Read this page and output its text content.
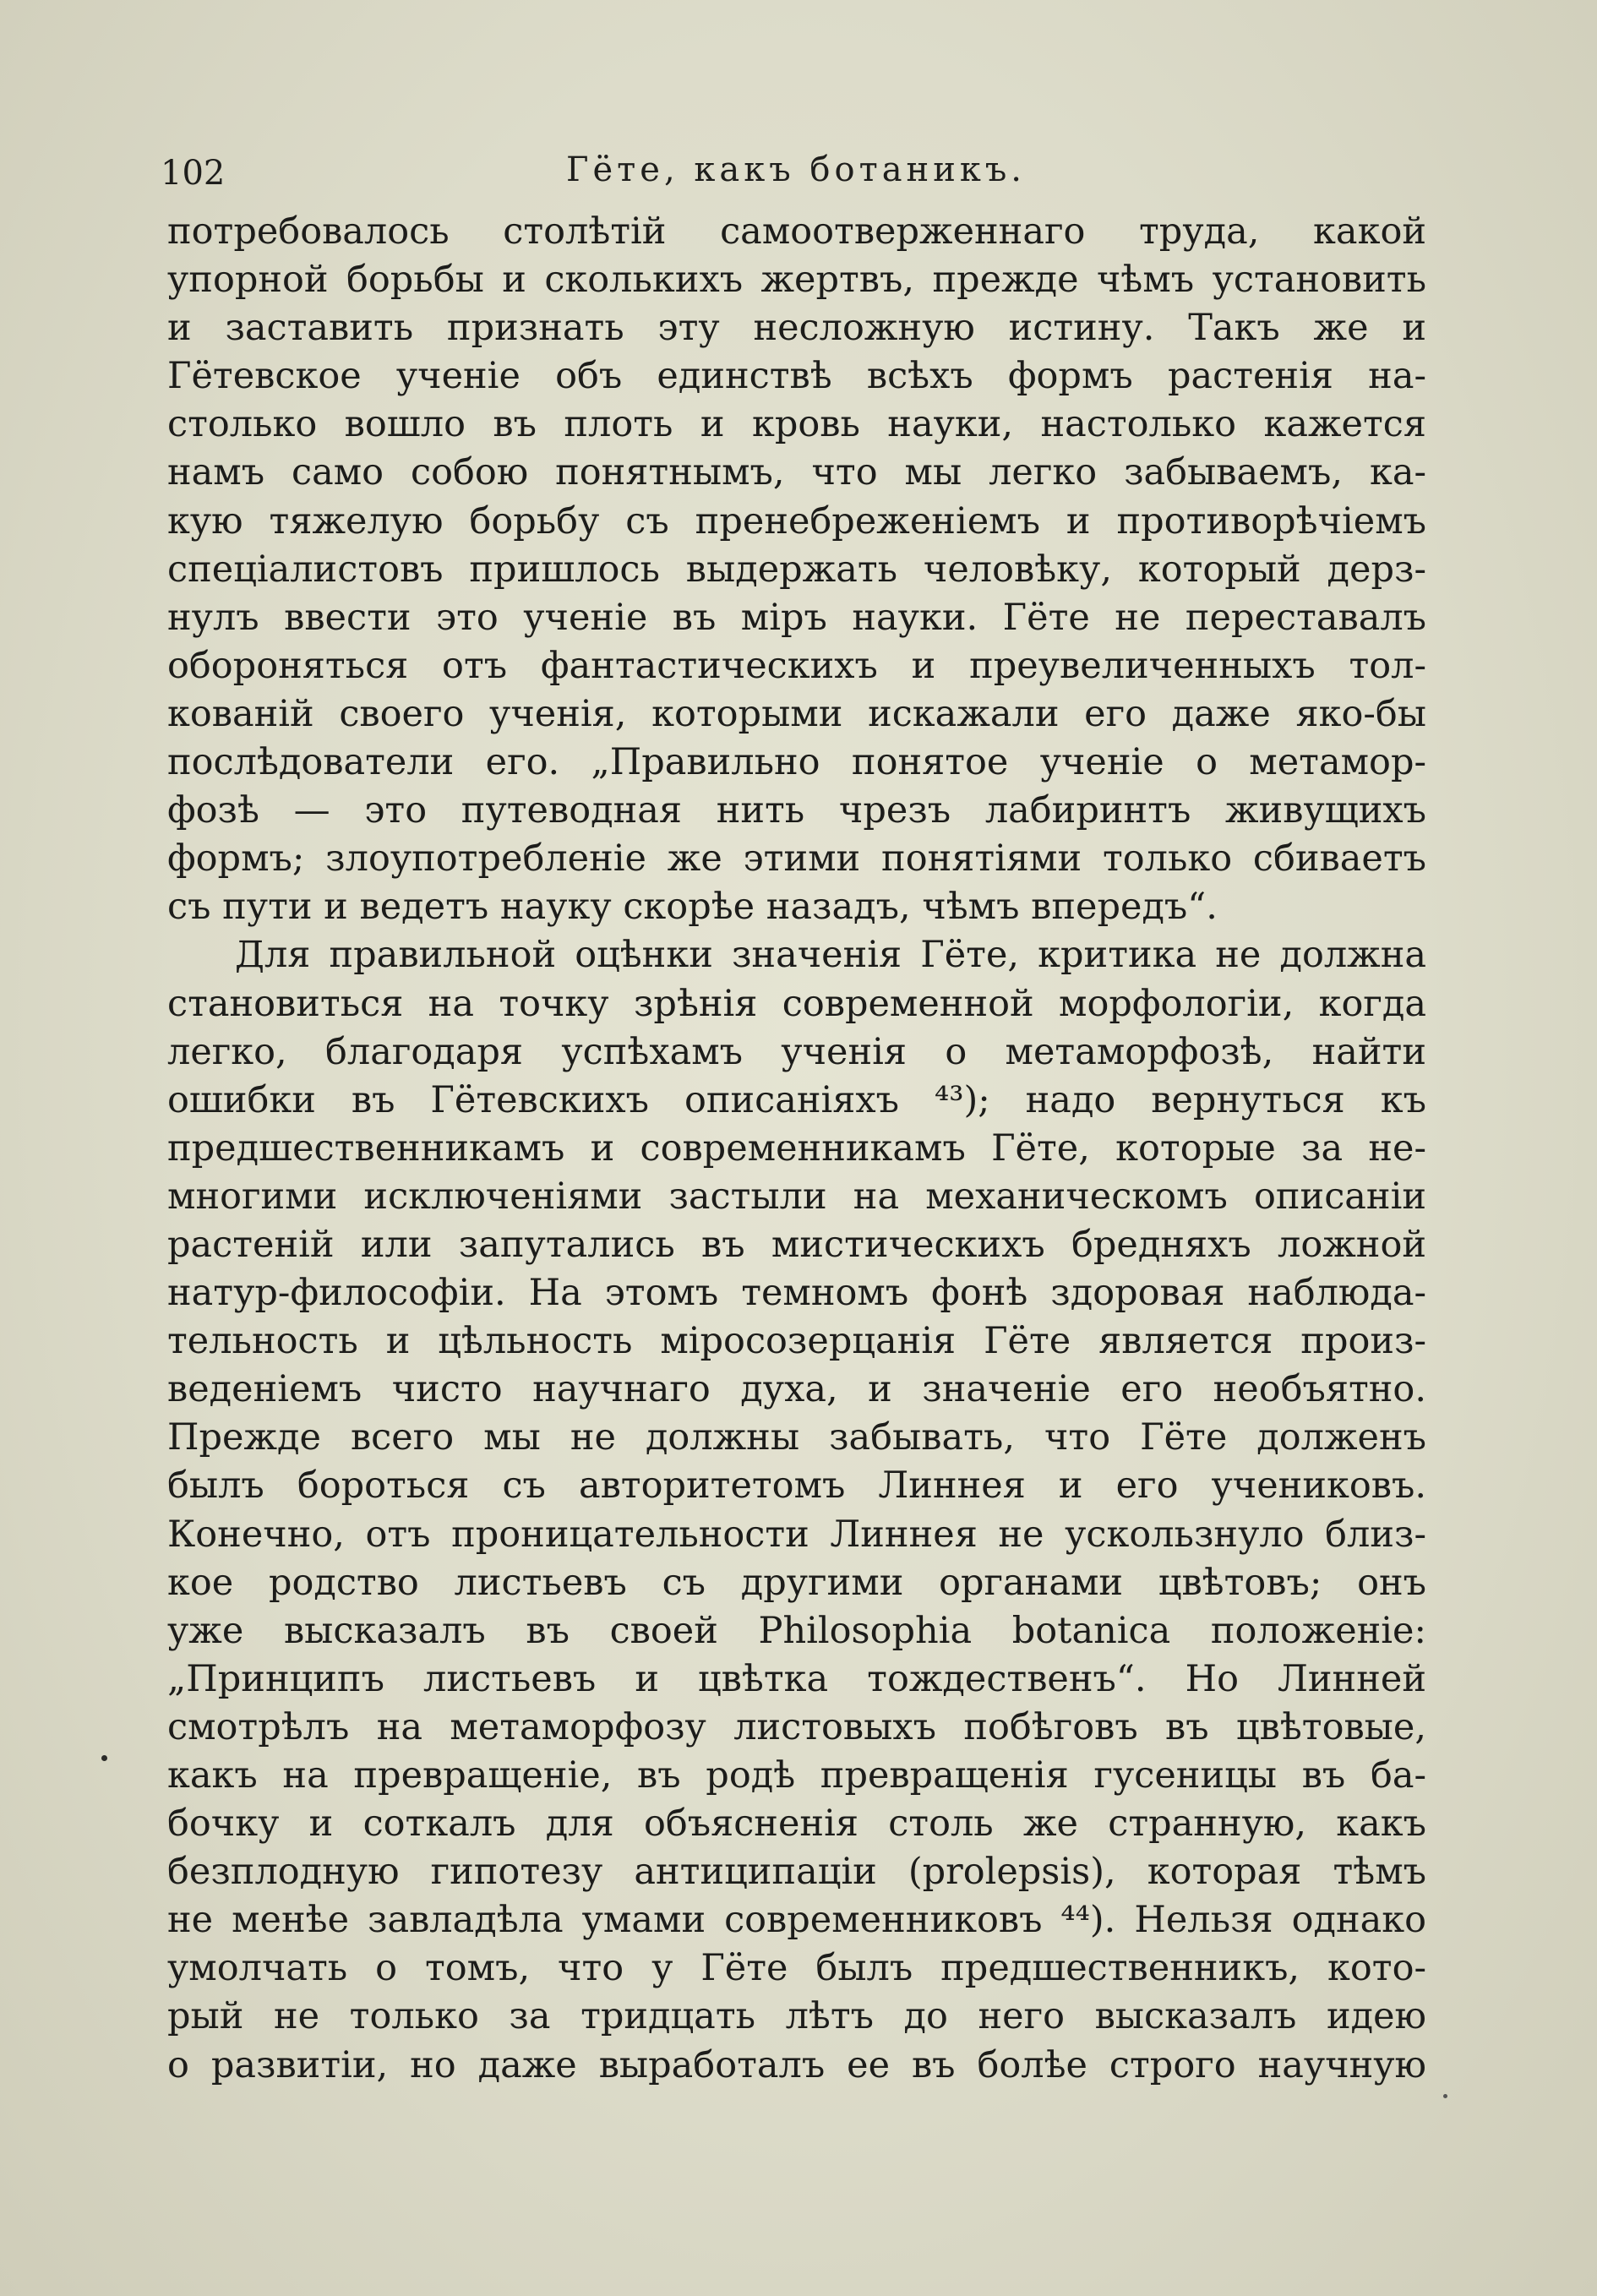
102	Гёте, какъ ботаникъ.
потребовалось столѣтій самоотверженнаго труда, какой
упорной борьбы и сколькихъ жертвъ, прежде чѣмъ установить
и заставить признать эту несложную истину. Такъ же и
Гётевское ученіе объ единствѣ всѣхъ формъ растенія на-
столько вошло въ плоть и кровь науки, настолько кажется
намъ само собою понятнымъ, что мы легко забываемъ, ка-
кую тяжелую борьбу съ пренебреженіемъ и противорѣчіемъ
спеціалистовъ пришлось выдержать человѣку, который дерз-
нулъ ввести это ученіе въ міръ науки. Гёте не переставалъ
обороняться отъ фантастическихъ и преувеличенныхъ тол-
кованій своего ученія, которыми искажали его даже яко-бы
послѣдователи его. „Правильно понятое ученіе о метамор-
фозѣ — это путеводная нить чрезъ лабиринтъ живущихъ
формъ; злоупотребленіе же этими понятіями только сбиваетъ
съ пути и ведетъ науку скорѣе назадъ, чѣмъ впередъ“.
Для правильной оцѣнки значенія Гёте, критика не должна
становиться на точку зрѣнія современной морфологіи, когда
легко, благодаря успѣхамъ ученія о метаморфозѣ, найти
ошибки въ Гётевскихъ описаніяхъ ⁴³); надо вернуться къ
предшественникамъ и современникамъ Гёте, которые за не-
многими исключеніями застыли на механическомъ описаніи
растеній или запутались въ мистическихъ бредняхъ ложной
натур-философіи. На этомъ темномъ фонѣ здоровая наблюда-
тельность и цѣльность міросозерцанія Гёте является произ-
веденіемъ чисто научнаго духа, и значеніе его необъятно.
Прежде всего мы не должны забывать, что Гёте долженъ
былъ бороться съ авторитетомъ Линнея и его учениковъ.
Конечно, отъ проницательности Линнея не ускользнуло близ-
кое родство листьевъ съ другими органами цвѣтовъ; онъ
уже высказалъ въ своей Philosophia botanica положеніе:
„Принципъ листьевъ и цвѣтка тождественъ“. Но Линней
смотрѣлъ на метаморфозу листовыхъ побѣговъ въ цвѣтовые,
какъ на превращеніе, въ родѣ превращенія гусеницы въ ба-
бочку и соткалъ для объясненія столь же странную, какъ
безплодную гипотезу антиципаціи (prolepsis), которая тѣмъ
не менѣе завладѣла умами современниковъ ⁴⁴). Нельзя однако
умолчать о томъ, что у Гёте былъ предшественникъ, кото-
рый не только за тридцать лѣтъ до него высказалъ идею
о развитіи, но даже выработалъ ее въ болѣе строго научную
